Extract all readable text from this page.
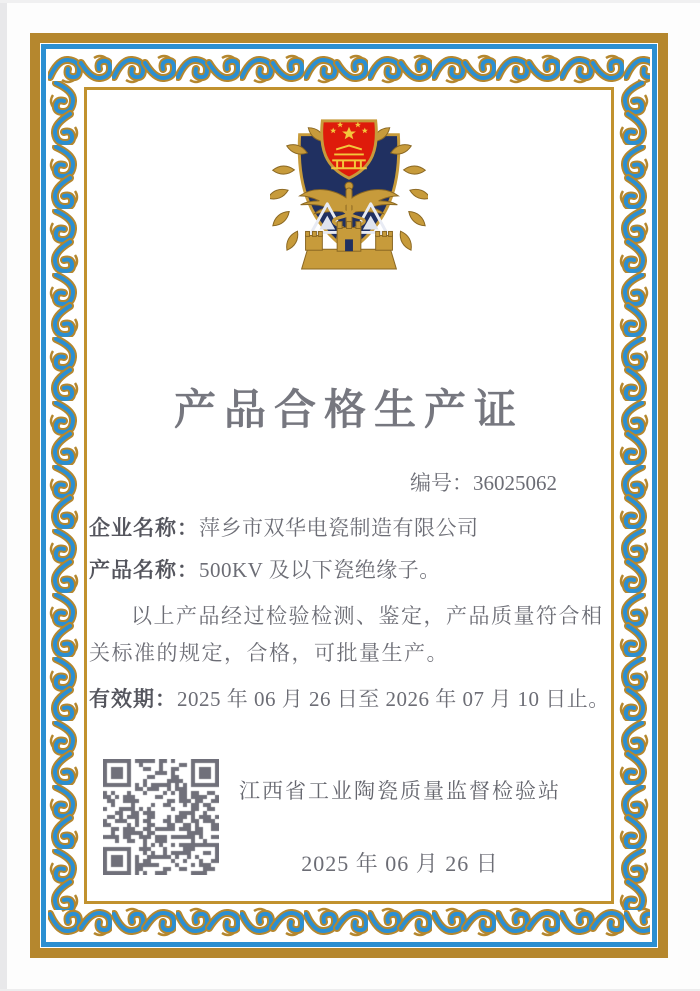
产品合格生产证
编号：36025062
企业名称：萍乡市双华电瓷制造有限公司
产品名称：500KV 及以下瓷绝缘子。
以上产品经过检验检测、鉴定，产品质量符合相
关标准的规定，合格，可批量生产。
有效期：2025 年 06 月 26 日至 2026 年 07 月 10 日止。
江西省工业陶瓷质量监督检验站
2025 年 06 月 26 日
